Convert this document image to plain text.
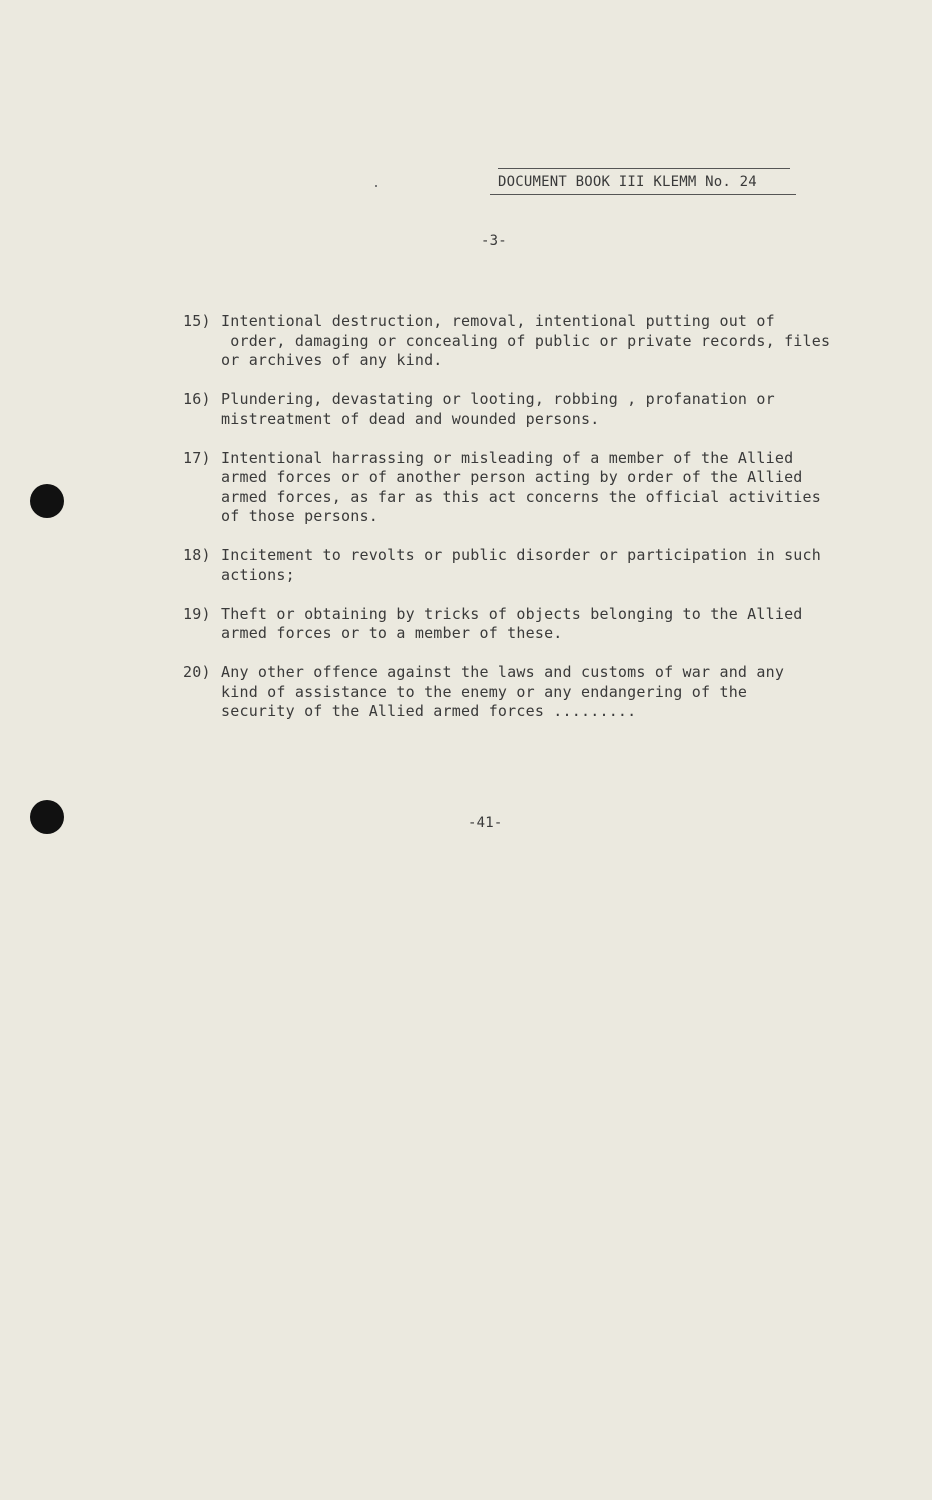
DOCUMENT BOOK III KLEMM No. 24
-3-
15) Intentional destruction, removal, intentional putting out of
order, damaging or concealing of public or private records, files
or archives of any kind.
16) Plundering, devastating or looting, robbing , profanation or
mistreatment of dead and wounded persons.
17) Intentional harrassing or misleading of a member of the Allied
armed forces or of another person acting by order of the Allied
armed forces, as far as this act concerns the official activities
of those persons.
18) Incitement to revolts or public disorder or participation in such
actions;
19) Theft or obtaining by tricks of objects belonging to the Allied
armed forces or to a member of these.
20) Any other offence against the laws and customs of war and any
kind of assistance to the enemy or any endangering of the
security of the Allied armed forces .........
-41-
